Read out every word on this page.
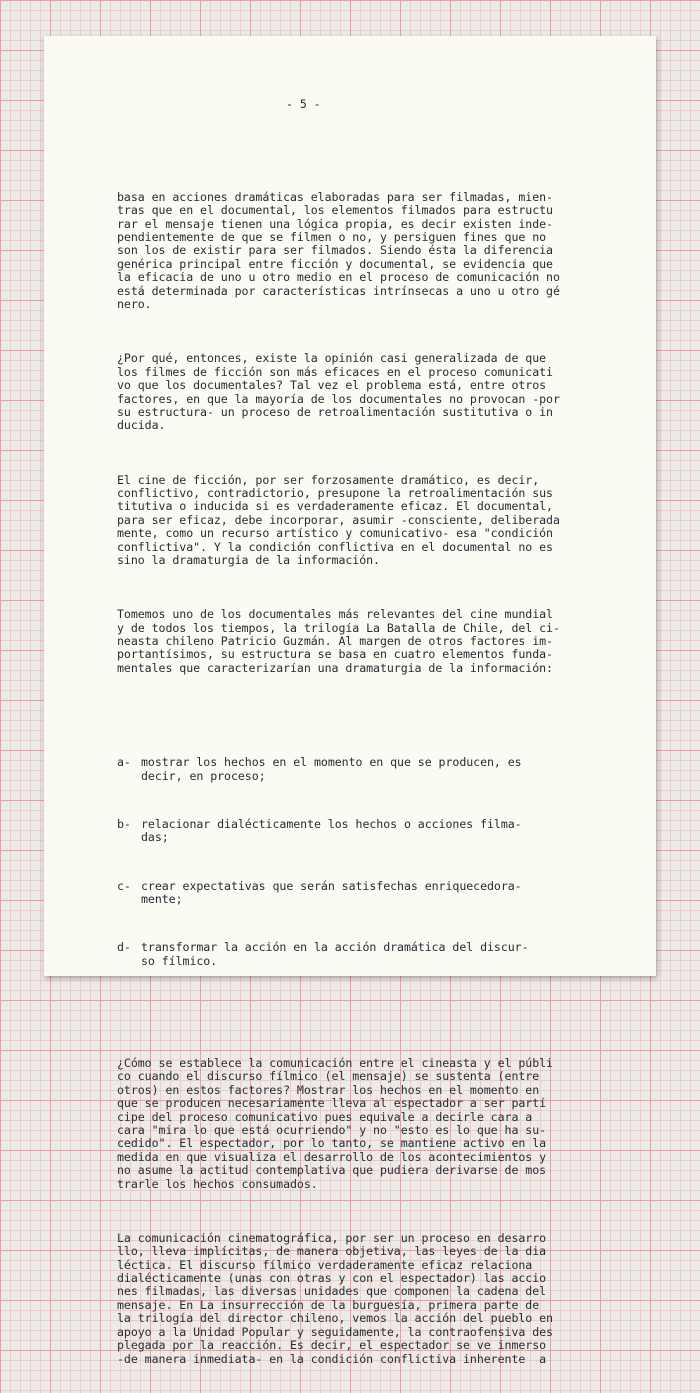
- 5 -

basa en acciones dramáticas elaboradas para ser filmadas, mien-
tras que en el documental, los elementos filmados para estructu
rar el mensaje tienen una lógica propia, es decir existen inde-
pendientemente de que se filmen o no, y persiguen fines que no
son los de existir para ser filmados. Siendo ésta la diferencia
genérica principal entre ficción y documental, se evidencia que
la eficacia de uno u otro medio en el proceso de comunicación no
está determinada por características intrínsecas a uno u otro gé
nero.

¿Por qué, entonces, existe la opinión casi generalizada de que
los filmes de ficción son más eficaces en el proceso comunicati
vo que los documentales? Tal vez el problema está, entre otros
factores, en que la mayoría de los documentales no provocan -por
su estructura- un proceso de retroalimentación sustitutiva o in
ducida.

El cine de ficción, por ser forzosamente dramático, es decir,
conflictivo, contradictorio, presupone la retroalimentación sus
titutiva o inducida si es verdaderamente eficaz. El documental,
para ser eficaz, debe incorporar, asumir -consciente, deliberada
mente, como un recurso artístico y comunicativo- esa "condición
conflictiva". Y la condición conflictiva en el documental no es
sino la dramaturgia de la información.

Tomemos uno de los documentales más relevantes del cine mundial
y de todos los tiempos, la trilogía La Batalla de Chile, del ci-
neasta chileno Patricio Guzmán. Al margen de otros factores im-
portantísimos, su estructura se basa en cuatro elementos funda-
mentales que caracterizarían una dramaturgia de la información:

a- mostrar los hechos en el momento en que se producen, es
decir, en proceso;

b- relacionar dialécticamente los hechos o acciones filma-
das;

c- crear expectativas que serán satisfechas enriquecedora-
mente;

d- transformar la acción en la acción dramática del discur-
so fílmico.

¿Cómo se establece la comunicación entre el cineasta y el públi
co cuando el discurso fílmico (el mensaje) se sustenta (entre
otros) en estos factores? Mostrar los hechos en el momento en
que se producen necesariamente lleva al espectador a ser partí
cipe del proceso comunicativo pues equivale a decirle cara a
cara "mira lo que está ocurriendo" y no "esto es lo que ha su-
cedido". El espectador, por lo tanto, se mantiene activo en la
medida en que visualiza el desarrollo de los acontecimientos y
no asume la actitud contemplativa que pudiera derivarse de mos
trarle los hechos consumados.

La comunicación cinematográfica, por ser un proceso en desarro
llo, lleva implícitas, de manera objetiva, las leyes de la dia
léctica. El discurso fílmico verdaderamente eficaz relaciona
dialécticamente (unas con otras y con el espectador) las accio
nes filmadas, las diversas unidades que componen la cadena del
mensaje. En La insurrección de la burguesía, primera parte de
la trilogía del director chileno, vemos la acción del pueblo en
apoyo a la Unidad Popular y seguidamente, la contraofensiva des
plegada por la reacción. Es decir, el espectador se ve inmerso
-de manera inmediata- en la condición conflictiva inherente  a
